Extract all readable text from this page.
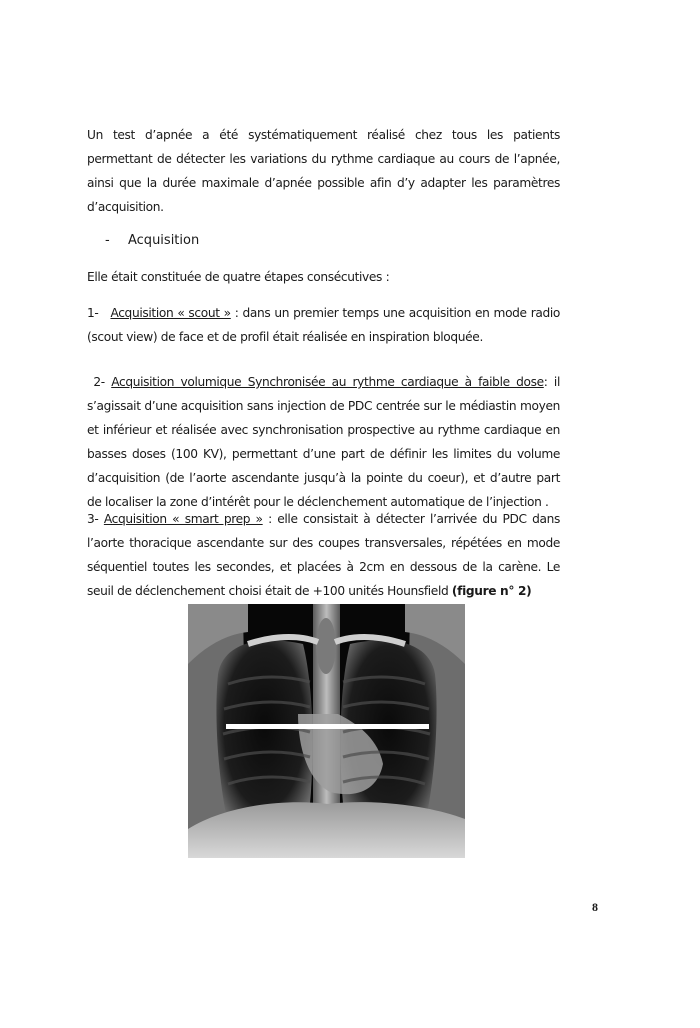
Un test d’apnée a été systématiquement réalisé chez tous les patients permettant de détecter les variations du rythme cardiaque au cours de l’apnée, ainsi que la durée maximale d’apnée possible afin d’y adapter les paramètres d’acquisition.

- Acquisition

Elle était constituée de quatre étapes consécutives :

1- Acquisition « scout » : dans un premier temps une acquisition en mode radio (scout view) de face et de profil était réalisée en inspiration bloquée.

2- Acquisition volumique Synchronisée au rythme cardiaque à faible dose: il s’agissait d’une acquisition sans injection de PDC centrée sur le médiastin moyen et inférieur et réalisée avec synchronisation prospective au rythme cardiaque en basses doses (100 KV), permettant d’une part de définir les limites du volume d’acquisition (de l’aorte ascendante jusqu’à la pointe du coeur), et d’autre part de localiser la zone d’intérêt pour le déclenchement automatique de l’injection .

3- Acquisition « smart prep » : elle consistait à détecter l’arrivée du PDC dans l’aorte thoracique ascendante sur des coupes transversales, répétées en mode séquentiel toutes les secondes, et placées à 2cm en dessous de la carène. Le seuil de déclenchement choisi était de +100 unités Hounsfield (figure n° 2)

8
